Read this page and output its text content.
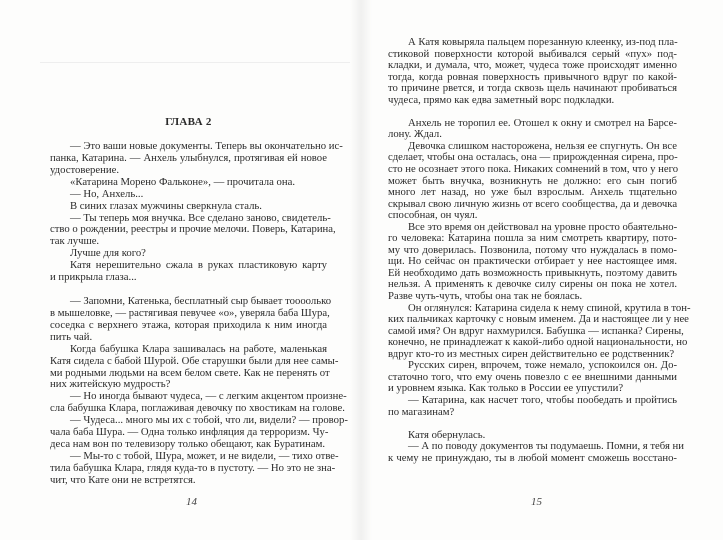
ГЛАВА 2
— Это ваши новые документы. Теперь вы окончательно ис-
панка, Катарина. — Анхель улыбнулся, протягивая ей новое
удостоверение.
«Катарина Морено Фальконе», — прочитала она.
— Но, Анхель...
В синих глазах мужчины сверкнула сталь.
— Ты теперь моя внучка. Все сделано заново, свидетель-
ство о рождении, реестры и прочие мелочи. Поверь, Катарина,
так лучше.
Лучше для кого?
Катя нерешительно сжала в руках пластиковую карту
и прикрыла глаза...
— Запомни, Катенька, бесплатный сыр бывает тоооолько
в мышеловке, — растягивая певучее «о», уверяла баба Шура,
соседка с верхнего этажа, которая приходила к ним иногда
пить чай.
Когда бабушка Клара зашивалась на работе, маленькая
Катя сидела с бабой Шурой. Обе старушки были для нее самы-
ми родными людьми на всем белом свете. Как не перенять от
них житейскую мудрость?
— Но иногда бывают чудеса, — с легким акцентом произне-
сла бабушка Клара, поглаживая девочку по хвостикам на голове.
— Чудеса... много мы их с тобой, что ли, видели? — провор-
чала баба Шура. — Одна только инфляция да терроризм. Чу-
деса нам вон по телевизору только обещают, как Буратинам.
— Мы-то с тобой, Шура, может, и не видели, — тихо отве-
тила бабушка Клара, глядя куда-то в пустоту. — Но это не зна-
чит, что Кате они не встретятся.
А Катя ковыряла пальцем порезанную клеенку, из-под пла-
стиковой поверхности которой выбивался серый «пух» под-
кладки, и думала, что, может, чудеса тоже происходят именно
тогда, когда ровная поверхность привычного вдруг по какой-
то причине рвется, и тогда сквозь щель начинают пробиваться
чудеса, прямо как едва заметный ворс подкладки.
Анхель не торопил ее. Отошел к окну и смотрел на Барсе-
лону. Ждал.
Девочка слишком насторожена, нельзя ее спугнуть. Он все
сделает, чтобы она осталась, она — прирожденная сирена, про-
сто не осознает этого пока. Никаких сомнений в том, что у него
может быть внучка, возникнуть не должно: его сын погиб
много лет назад, но уже был взрослым. Анхель тщательно
скрывал свою личную жизнь от всего сообщества, да и девочка
способная, он чуял.
Все это время он действовал на уровне просто обаятельно-
го человека: Катарина пошла за ним смотреть квартиру, пото-
му что доверилась. Позвонила, потому что нуждалась в помо-
щи. Но сейчас он практически отбирает у нее настоящее имя.
Ей необходимо дать возможность привыкнуть, поэтому давить
нельзя. А применять к девочке силу сирены он пока не хотел.
Разве чуть-чуть, чтобы она так не боялась.
Он оглянулся: Катарина сидела к нему спиной, крутила в тон-
ких пальчиках карточку с новым именем. Да и настоящее ли у нее
самой имя? Он вдруг нахмурился. Бабушка — испанка? Сирены,
конечно, не принадлежат к какой-либо одной национальности, но
вдруг кто-то из местных сирен действительно ее родственник?
Русских сирен, впрочем, тоже немало, успокоился он. До-
статочно того, что ему очень повезло с ее внешними данными
и уровнем языка. Как только в России ее упустили?
— Катарина, как насчет того, чтобы пообедать и пройтись
по магазинам?
Катя обернулась.
— А по поводу документов ты подумаешь. Помни, я тебя ни
к чему не принуждаю, ты в любой момент сможешь восстано-
14	15
